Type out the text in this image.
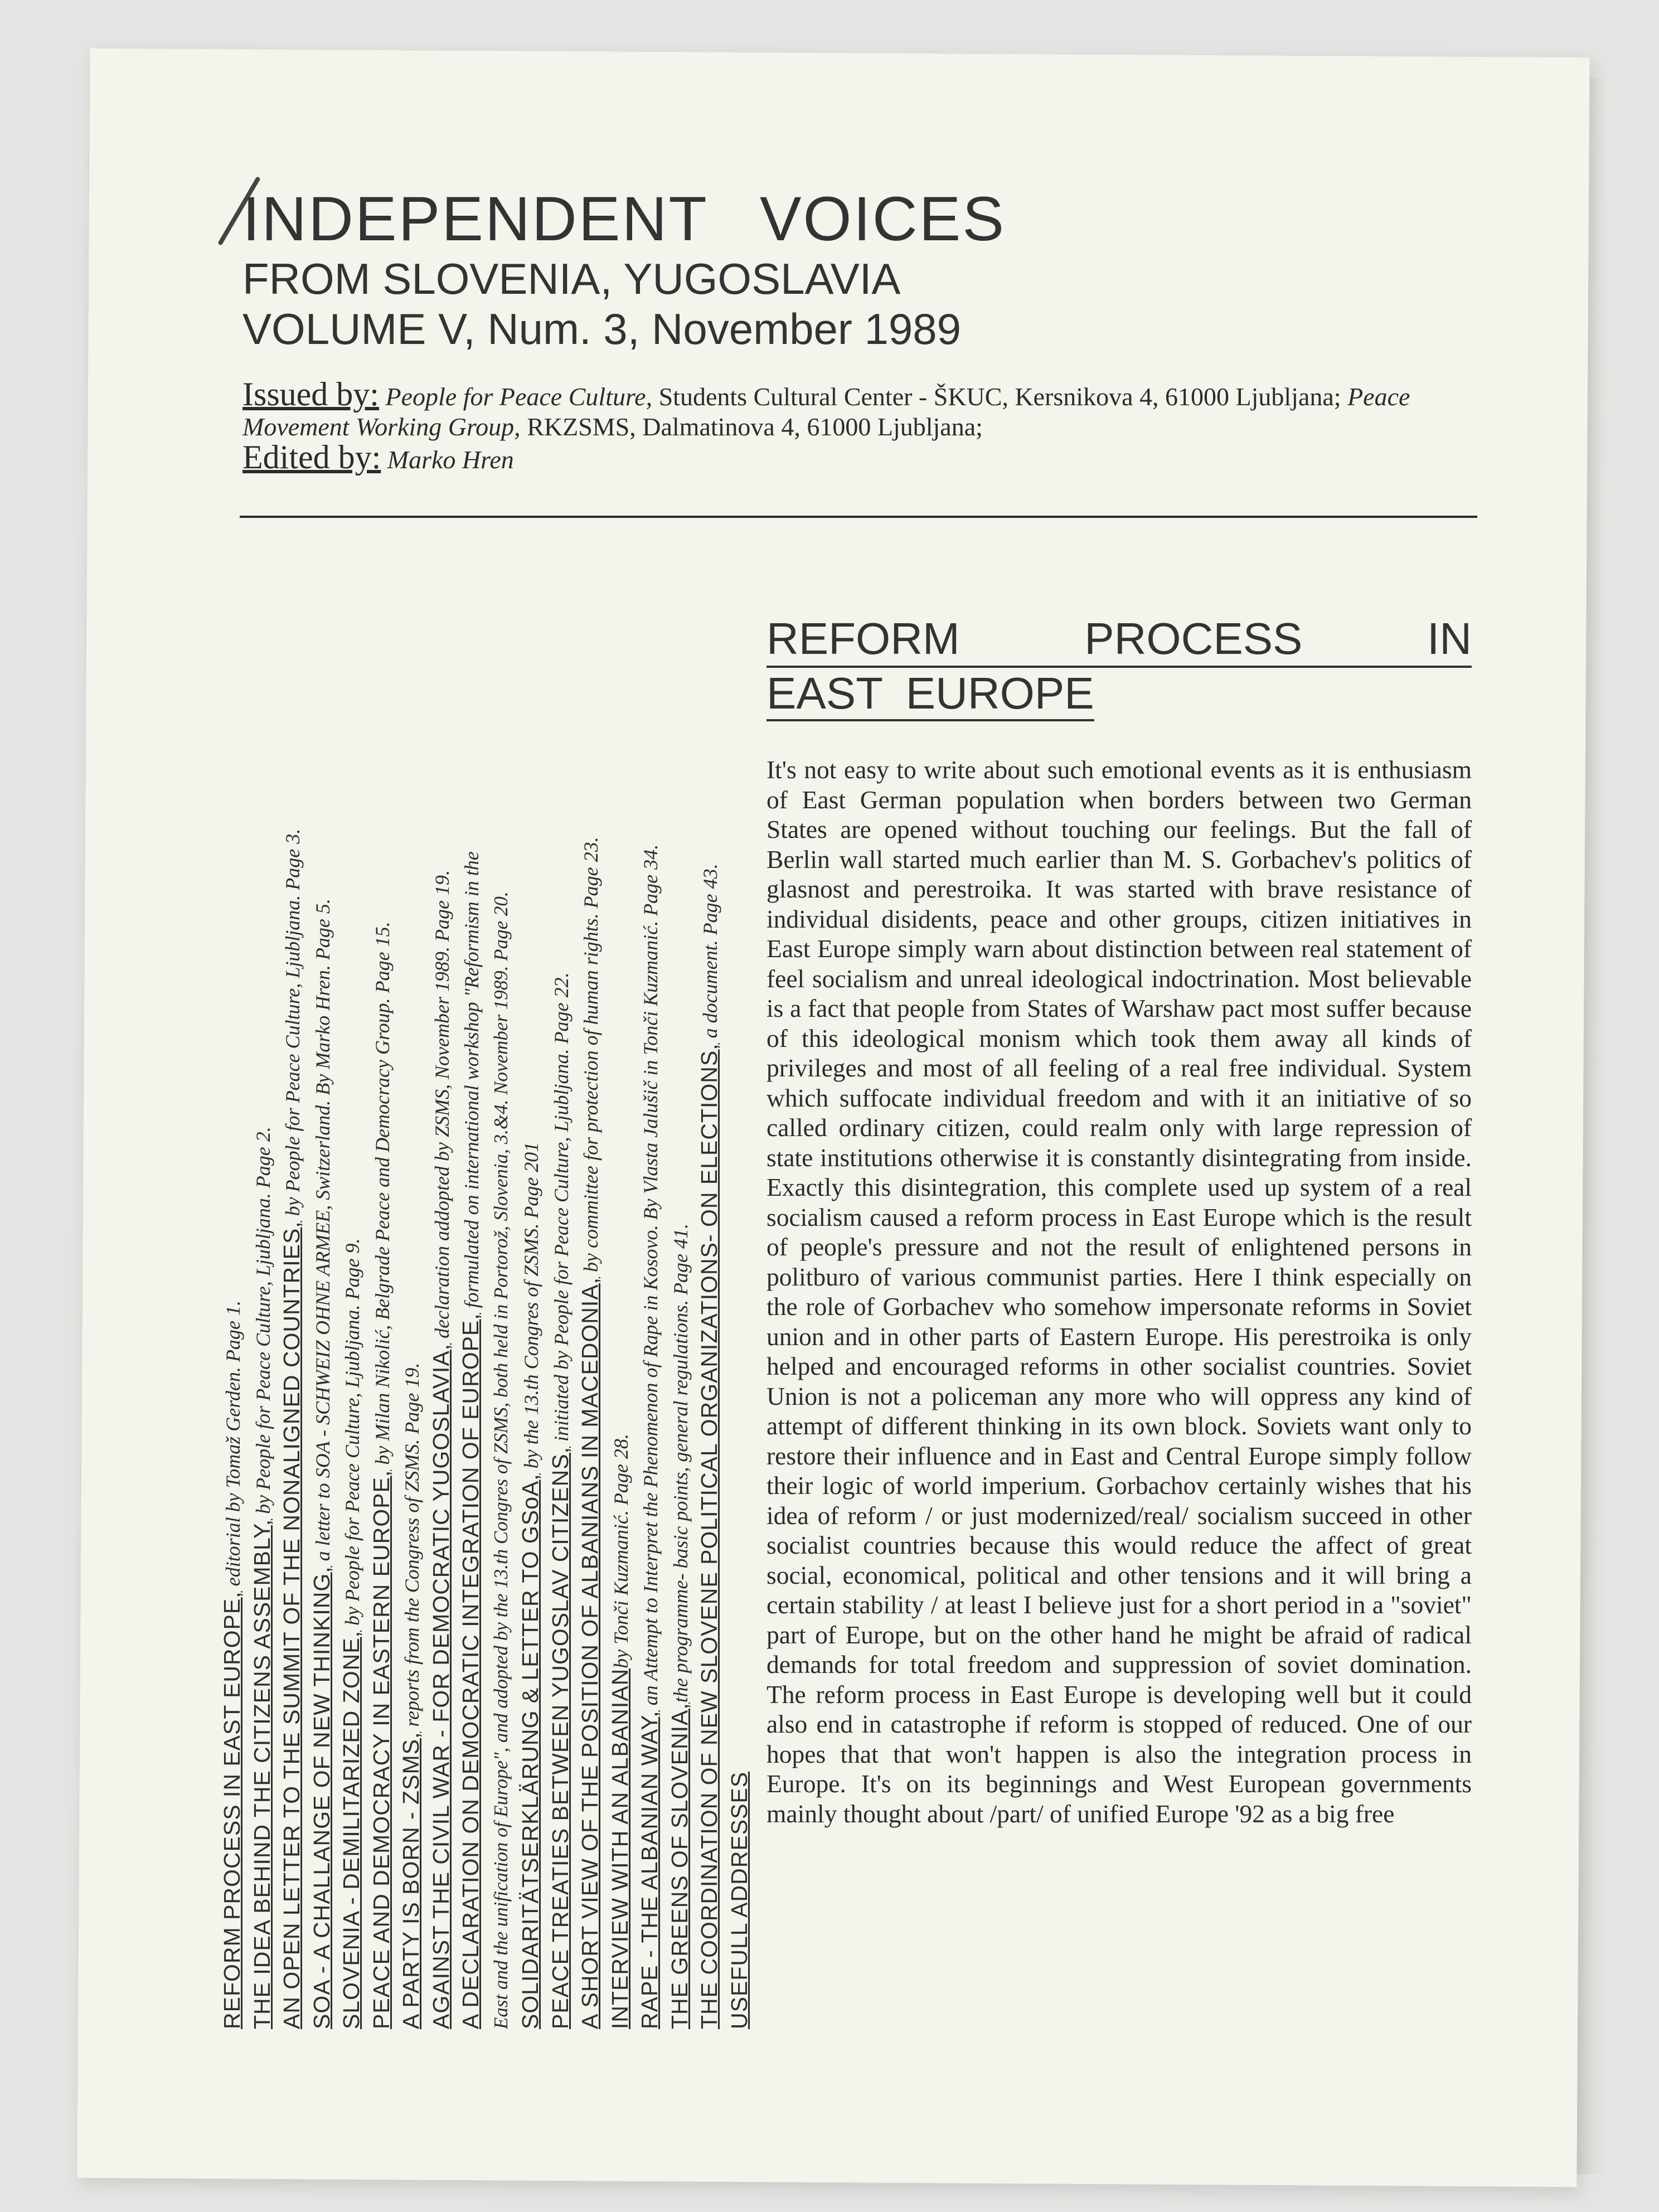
INDEPENDENT VOICES
FROM SLOVENIA, YUGOSLAVIA
VOLUME V, Num. 3, November 1989
Issued by: People for Peace Culture, Students Cultural Center - ŠKUC, Kersnikova 4, 61000 Ljubljana; Peace Movement Working Group, RKZSMS, Dalmatinova 4, 61000 Ljubljana;
Edited by: Marko Hren
REFORM PROCESS IN EAST EUROPE, editorial by Tomaž Gerden. Page 1.
THE IDEA BEHIND THE CITIZENS ASSEMBLY, by People for Peace Culture, Ljubljana. Page 2. AN OPEN LETTER TO THE SUMMIT OF THE NONALIGNED COUNTRIES, by People for Peace Culture, Ljubljana. Page 3.
SOA - A CHALLANGE OF NEW THINKING, a letter to SOA - SCHWEIZ OHNE ARMEE, Switzerland. By Marko Hren. Page 5.
SLOVENIA - DEMILITARIZED ZONE, by People for Peace Culture, Ljubljana. Page 9.
PEACE AND DEMOCRACY IN EASTERN EUROPE, by Milan Nikolić, Belgrade Peace and Democracy Group. Page 15.
A PARTY IS BORN - ZSMS, reports from the Congress of ZSMS. Page 19. AGAINST THE CIVIL WAR - FOR DEMOCRATIC YUGOSLAVIA, declaration addopted by ZSMS, November 1989. Page 19.
A DECLARATION ON DEMOCRATIC INTEGRATION OF EUROPE, formulated on international workshop "Reformism in the East and the unification of Europe", and adopted by the 13.th Congres of ZSMS, both held in Portorož, Slovenia, 3.&4. November 1989. Page 20. SOLIDARITÄTSERKLÄRUNG & LETTER TO GSoA, by the 13.th Congres of ZSMS. Page 201
PEACE TREATIES BETWEEN YUGOSLAV CITIZENS, initiated by People for Peace Culture, Ljubljana. Page 22.
A SHORT VIEW OF THE POSITION OF ALBANIANS IN MACEDONIA, by committee for protection of human rights. Page 23.
INTERVIEW WITH AN ALBANIANby Tonči Kuzmanić. Page 28.
RAPE - THE ALBANIAN WAY, an Attempt to Interpret the Phenomenon of Rape in Kosovo. By Vlasta Jalušič in Tonči Kuzmanić. Page 34.
THE GREENS OF SLOVENIA,the programme- basic points, general regulations. Page 41. THE COORDINATION OF NEW SLOVENE POLITICAL ORGANIZATIONS- ON ELECTIONS, a document. Page 43.
USEFULL ADDRESSES
REFORM	PROCESS	IN
EAST EUROPE
It's not easy to write about such emotional events as it is enthusiasm of East German population when borders between two German States are opened without touching our feelings. But the fall of Berlin wall started much earlier than M. S. Gorbachev's politics of glasnost and perestroika. It was started with brave resistance of individual disidents, peace and other groups, citizen initiatives in East Europe simply warn about distinction between real statement of feel socialism and unreal ideological indoctrination. Most believable is a fact that people from States of Warshaw pact most suffer because of this ideological monism which took them away all kinds of privileges and most of all feeling of a real free individual. System which suffocate individual freedom and with it an initiative of so called ordinary citizen, could realm only with large repression of state institutions otherwise it is constantly disintegrating from inside. Exactly this disintegration, this complete used up system of a real socialism caused a reform process in East Europe which is the result of people's pressure and not the result of enlightened persons in politburo of various communist parties. Here I think especially on the role of Gorbachev who somehow impersonate reforms in Soviet union and in other parts of Eastern Europe. His perestroika is only helped and encouraged reforms in other socialist countries. Soviet Union is not a policeman any more who will oppress any kind of attempt of different thinking in its own block. Soviets want only to restore their influence and in East and Central Europe simply follow their logic of world imperium. Gorbachov certainly wishes that his idea of reform / or just modernized/real/ socialism succeed in other socialist countries because this would reduce the affect of great social, economical, political and other tensions and it will bring a certain stability / at least I believe just for a short period in a "soviet" part of Europe, but on the other hand he might be afraid of radical demands for total freedom and suppression of soviet domination. The reform process in East Europe is developing well but it could also end in catastrophe if reform is stopped of reduced. One of our hopes that that won't happen is also the integration process in Europe. It's on its beginnings and West European governments mainly thought about /part/ of unified Europe '92 as a big free
